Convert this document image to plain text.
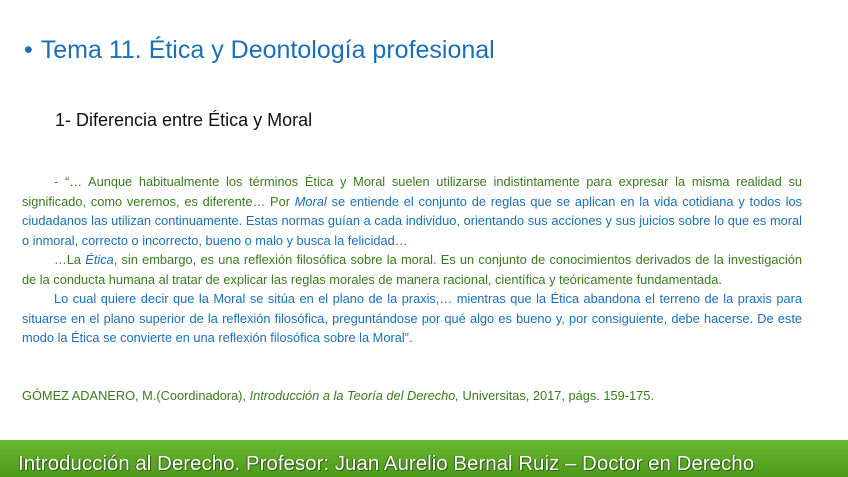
• Tema 11. Ética y Deontología profesional
1- Diferencia entre Ética y Moral

- “… Aunque habitualmente los términos Ética y Moral suelen utilizarse indistintamente para expresar la misma realidad su significado, como veremos, es diferente… Por Moral se entiende el conjunto de reglas que se aplican en la vida cotidiana y todos los ciudadanos las utilizan continuamente. Estas normas guían a cada individuo, orientando sus acciones y sus juicios sobre lo que es moral o inmoral, correcto o incorrecto, bueno o malo y busca la felicidad…

…La Ética, sin embargo, es una reflexión filosófica sobre la moral. Es un conjunto de conocimientos derivados de la investigación de la conducta humana al tratar de explicar las reglas morales de manera racional, científica y teóricamente fundamentada.

Lo cual quiere decir que la Moral se sitúa en el plano de la praxis,… mientras que la Ética abandona el terreno de la praxis para situarse en el plano superior de la reflexión filosófica, preguntándose por qué algo es bueno y, por consiguiente, debe hacerse. De este modo la Ética se convierte en una reflexión filosófica sobre la Moral”.

GÓMEZ ADANERO, M.(Coordinadora), Introducción a la Teoría del Derecho, Universitas, 2017, págs. 159-175.
Introducción al Derecho. Profesor: Juan Aurelio Bernal Ruiz – Doctor en Derecho
